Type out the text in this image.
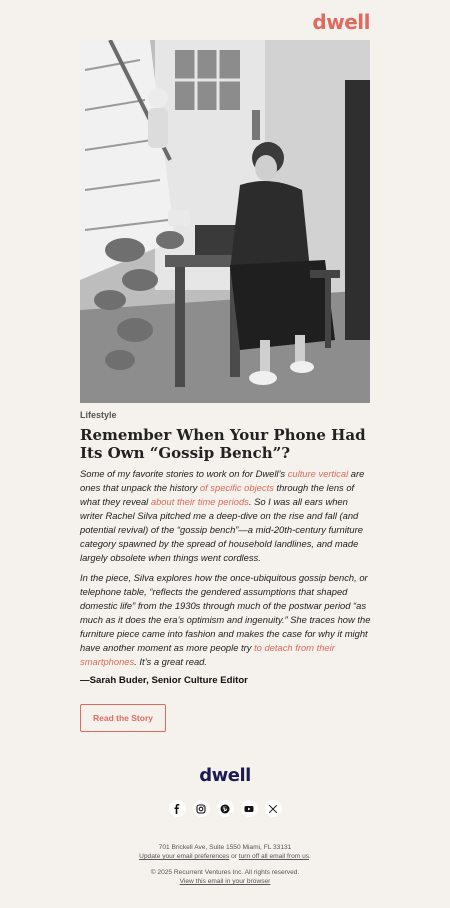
dwell
Lifestyle
Remember When Your Phone Had Its Own “Gossip Bench”?

Some of my favorite stories to work on for Dwell’s culture vertical are ones that unpack the history of specific objects through the lens of what they reveal about their time periods. So I was all ears when writer Rachel Silva pitched me a deep-dive on the rise and fall (and potential revival) of the “gossip bench”—a mid-20th-century furniture category spawned by the spread of household landlines, and made largely obsolete when things went cordless.

In the piece, Silva explores how the once-ubiquitous gossip bench, or telephone table, “reflects the gendered assumptions that shaped domestic life” from the 1930s through much of the postwar period “as much as it does the era’s optimism and ingenuity.” She traces how the furniture piece came into fashion and makes the case for why it might have another moment as more people try to detach from their smartphones. It’s a great read.

—Sarah Buder, Senior Culture Editor
Read the Story
dwell
701 Brickell Ave, Suite 1550 Miami, FL 33131
Update your email preferences or turn off all email from us.
© 2025 Recurrent Ventures Inc. All rights reserved.
View this email in your browser
